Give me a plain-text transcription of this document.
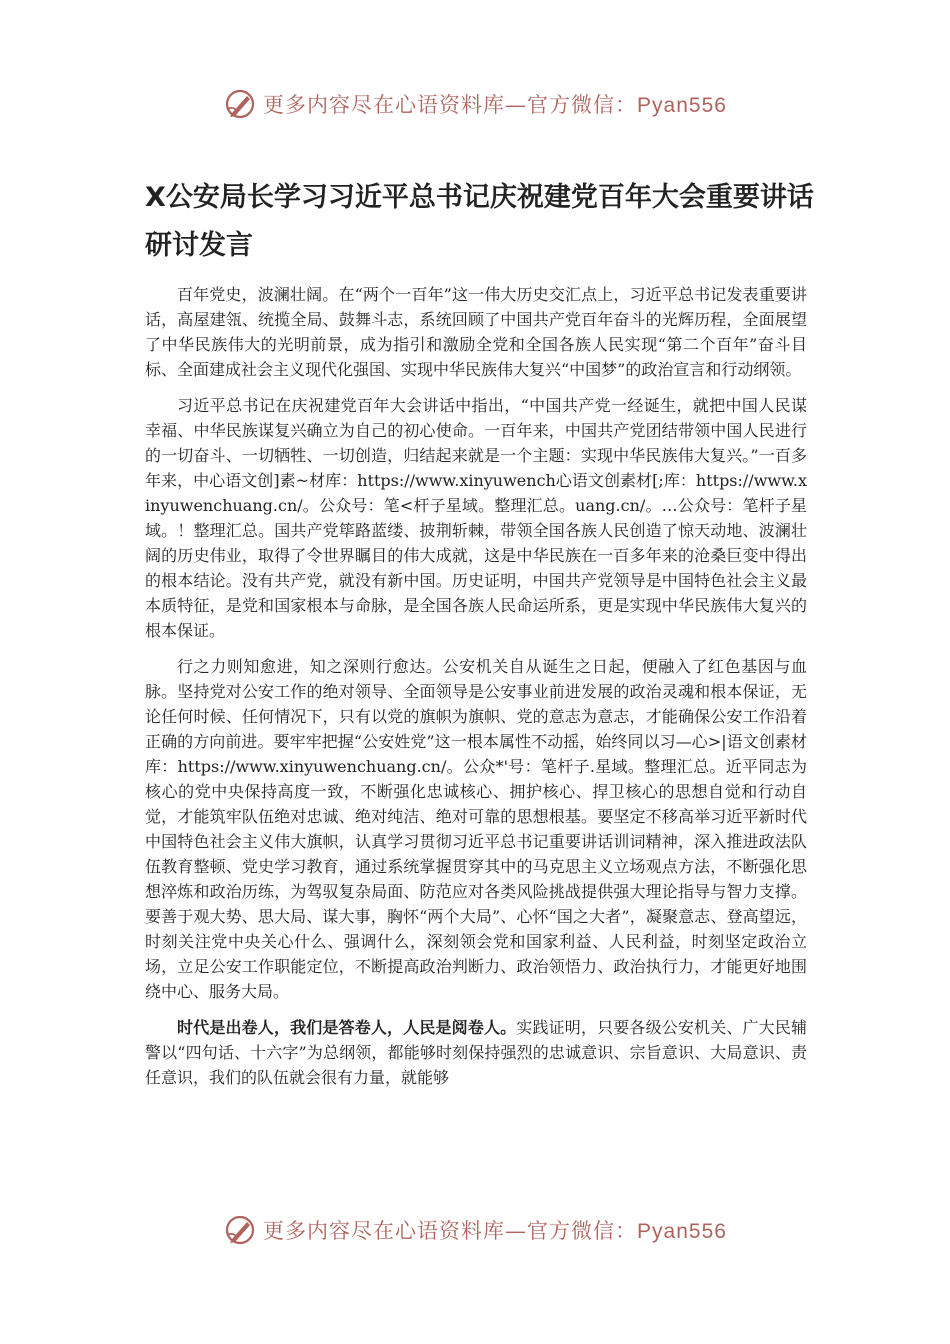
更多内容尽在心语资料库—官方微信：Pyan556
X公安局长学习习近平总书记庆祝建党百年大会重要讲话研讨发言

百年党史，波澜壮阔。在“两个一百年”这一伟大历史交汇点上，习近平总书记发表重要讲话，高屋建瓴、统揽全局、鼓舞斗志，系统回顾了中国共产党百年奋斗的光辉历程，全面展望了中华民族伟大的光明前景，成为指引和激励全党和全国各族人民实现“第二个百年”奋斗目标、全面建成社会主义现代化强国、实现中华民族伟大复兴“中国梦”的政治宣言和行动纲领。

习近平总书记在庆祝建党百年大会讲话中指出，“中国共产党一经诞生，就把中国人民谋幸福、中华民族谋复兴确立为自己的初心使命。一百年来，中国共产党团结带领中国人民进行的一切奋斗、一切牺牲、一切创造，归结起来就是一个主题：实现中华民族伟大复兴。”一百多年来，中心语文创]素~材库：https://www.xinyuwench心语文创素材[;库：https://www.xinyuwenchuang.cn/。公众号：笔<杆子星域。整理汇总。uang.cn/。…公众号：笔杆子星域。！整理汇总。国共产党筚路蓝缕、披荆斩棘，带领全国各族人民创造了惊天动地、波澜壮阔的历史伟业，取得了令世界瞩目的伟大成就，这是中华民族在一百多年来的沧桑巨变中得出的根本结论。没有共产党，就没有新中国。历史证明，中国共产党领导是中国特色社会主义最本质特征，是党和国家根本与命脉，是全国各族人民命运所系，更是实现中华民族伟大复兴的根本保证。

行之力则知愈进，知之深则行愈达。公安机关自从诞生之日起，便融入了红色基因与血脉。坚持党对公安工作的绝对领导、全面领导是公安事业前进发展的政治灵魂和根本保证，无论任何时候、任何情况下，只有以党的旗帜为旗帜、党的意志为意志，才能确保公安工作沿着正确的方向前进。要牢牢把握“公安姓党”这一根本属性不动摇，始终同以习—心>|语文创素材库：https://www.xinyuwenchuang.cn/。公众*'号：笔杆子.星域。整理汇总。近平同志为核心的党中央保持高度一致，不断强化忠诚核心、拥护核心、捍卫核心的思想自觉和行动自觉，才能筑牢队伍绝对忠诚、绝对纯洁、绝对可靠的思想根基。要坚定不移高举习近平新时代中国特色社会主义伟大旗帜，认真学习贯彻习近平总书记重要讲话训词精神，深入推进政法队伍教育整顿、党史学习教育，通过系统掌握贯穿其中的马克思主义立场观点方法，不断强化思想淬炼和政治历练，为驾驭复杂局面、防范应对各类风险挑战提供强大理论指导与智力支撑。要善于观大势、思大局、谋大事，胸怀“两个大局”、心怀“国之大者”，凝聚意志、登高望远，时刻关注党中央关心什么、强调什么，深刻领会党和国家利益、人民利益，时刻坚定政治立场，立足公安工作职能定位，不断提高政治判断力、政治领悟力、政治执行力，才能更好地围绕中心、服务大局。

时代是出卷人，我们是答卷人，人民是阅卷人。实践证明，只要各级公安机关、广大民辅警以“四句话、十六字”为总纲领，都能够时刻保持强烈的忠诚意识、宗旨意识、大局意识、责任意识，我们的队伍就会很有力量，就能够

更多内容尽在心语资料库—官方微信：Pyan556
